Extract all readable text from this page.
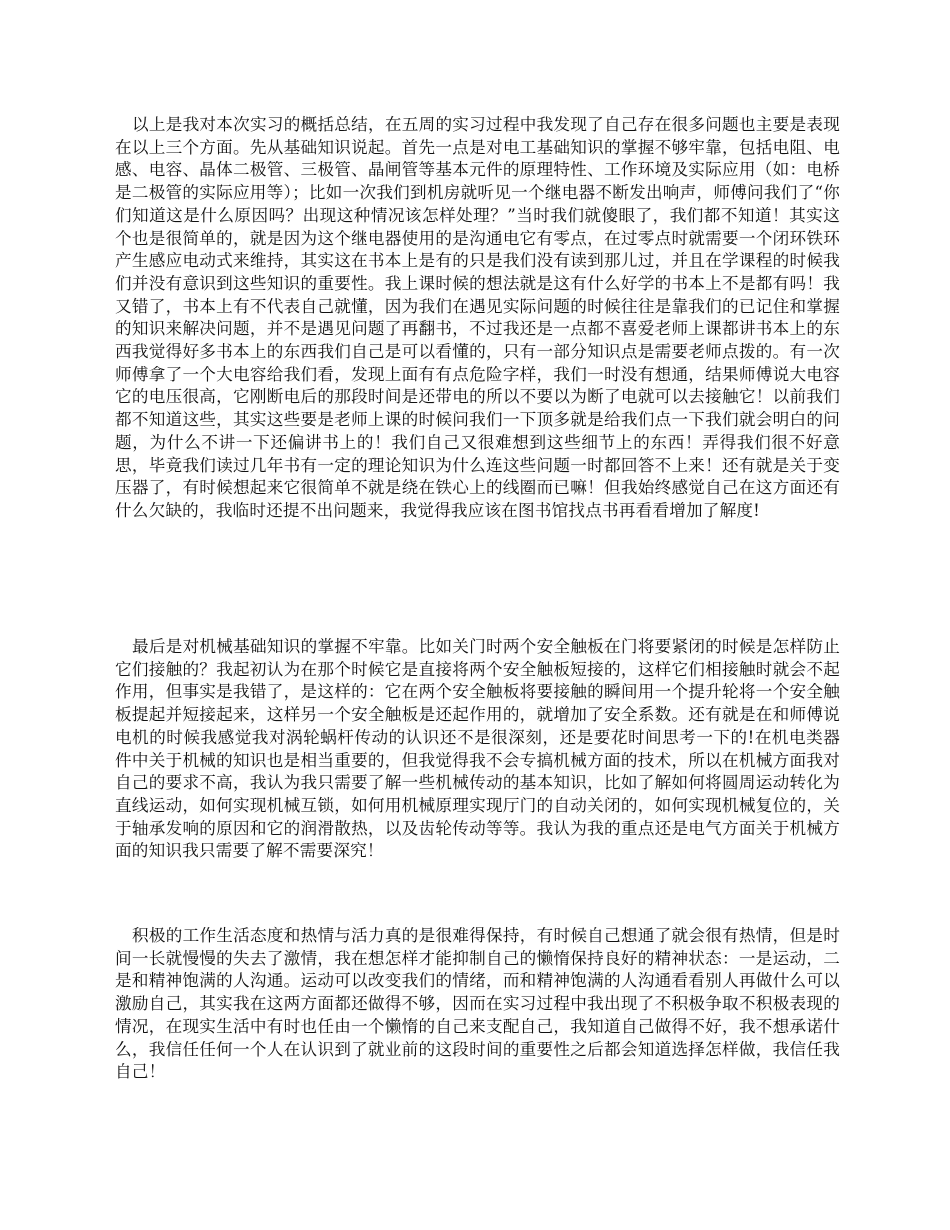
以上是我对本次实习的概括总结，在五周的实习过程中我发现了自己存在很多问题也主要是表现在以上三个方面。先从基础知识说起。首先一点是对电工基础知识的掌握不够牢靠，包括电阻、电感、电容、晶体二极管、三极管、晶闸管等基本元件的原理特性、工作环境及实际应用（如：电桥是二极管的实际应用等）；比如一次我们到机房就听见一个继电器不断发出响声，师傅问我们了“你们知道这是什么原因吗？出现这种情况该怎样处理？”当时我们就傻眼了，我们都不知道！其实这个也是很简单的，就是因为这个继电器使用的是沟通电它有零点，在过零点时就需要一个闭环铁环产生感应电动式来维持，其实这在书本上是有的只是我们没有读到那儿过，并且在学课程的时候我们并没有意识到这些知识的重要性。我上课时候的想法就是这有什么好学的书本上不是都有吗！我又错了，书本上有不代表自己就懂，因为我们在遇见实际问题的时候往往是靠我们的已记住和掌握的知识来解决问题，并不是遇见问题了再翻书，不过我还是一点都不喜爱老师上课都讲书本上的东西我觉得好多书本上的东西我们自己是可以看懂的，只有一部分知识点是需要老师点拨的。有一次师傅拿了一个大电容给我们看，发现上面有有点危险字样，我们一时没有想通，结果师傅说大电容它的电压很高，它刚断电后的那段时间是还带电的所以不要以为断了电就可以去接触它！以前我们都不知道这些，其实这些要是老师上课的时候问我们一下顶多就是给我们点一下我们就会明白的问题，为什么不讲一下还偏讲书上的！我们自己又很难想到这些细节上的东西！弄得我们很不好意思，毕竟我们读过几年书有一定的理论知识为什么连这些问题一时都回答不上来！还有就是关于变压器了，有时候想起来它很简单不就是绕在铁心上的线圈而已嘛！但我始终感觉自己在这方面还有什么欠缺的，我临时还提不出问题来，我觉得我应该在图书馆找点书再看看增加了解度!

最后是对机械基础知识的掌握不牢靠。比如关门时两个安全触板在门将要紧闭的时候是怎样防止它们接触的？我起初认为在那个时候它是直接将两个安全触板短接的，这样它们相接触时就会不起作用，但事实是我错了，是这样的：它在两个安全触板将要接触的瞬间用一个提升轮将一个安全触板提起并短接起来，这样另一个安全触板是还起作用的，就增加了安全系数。还有就是在和师傅说电机的时候我感觉我对涡轮蜗杆传动的认识还不是很深刻，还是要花时间思考一下的!在机电类器件中关于机械的知识也是相当重要的，但我觉得我不会专搞机械方面的技术，所以在机械方面我对自己的要求不高，我认为我只需要了解一些机械传动的基本知识，比如了解如何将圆周运动转化为直线运动，如何实现机械互锁，如何用机械原理实现厅门的自动关闭的，如何实现机械复位的，关于轴承发响的原因和它的润滑散热，以及齿轮传动等等。我认为我的重点还是电气方面关于机械方面的知识我只需要了解不需要深究！

积极的工作生活态度和热情与活力真的是很难得保持，有时候自己想通了就会很有热情，但是时间一长就慢慢的失去了激情，我在想怎样才能抑制自己的懒惰保持良好的精神状态：一是运动，二是和精神饱满的人沟通。运动可以改变我们的情绪，而和精神饱满的人沟通看看别人再做什么可以激励自己，其实我在这两方面都还做得不够，因而在实习过程中我出现了不积极争取不积极表现的情况，在现实生活中有时也任由一个懒惰的自己来支配自己，我知道自己做得不好，我不想承诺什么，我信任任何一个人在认识到了就业前的这段时间的重要性之后都会知道选择怎样做，我信任我自己！
